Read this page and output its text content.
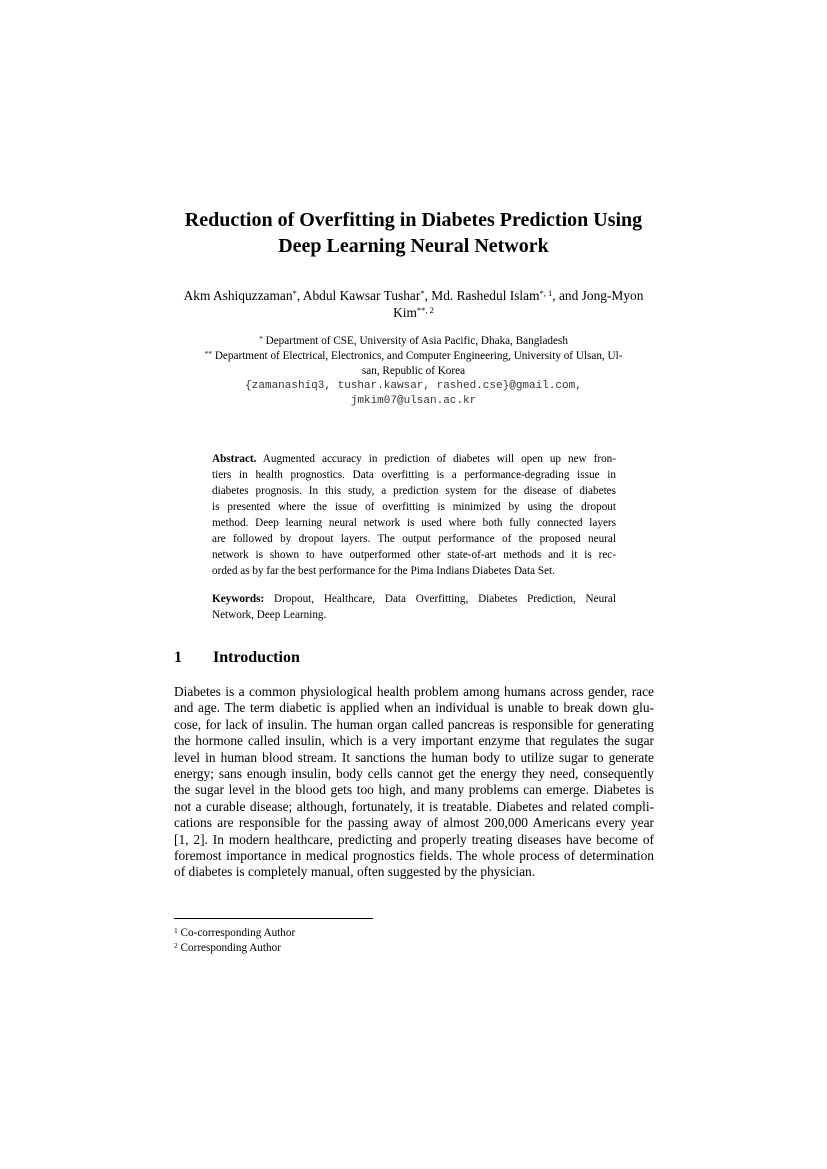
Reduction of Overfitting in Diabetes Prediction Using
Deep Learning Neural Network
Akm Ashiquzzaman*, Abdul Kawsar Tushar*, Md. Rashedul Islam$^{*, 1}$, and Jong-Myon
Kim$^{**, 2}$
* Department of CSE, University of Asia Pacific, Dhaka, Bangladesh
** Department of Electrical, Electronics, and Computer Engineering, University of Ulsan, Ul-
san, Republic of Korea
{zamanashiq3, tushar.kawsar, rashed.cse}@gmail.com,
jmkim07@ulsan.ac.kr
Abstract. Augmented accuracy in prediction of diabetes will open up new fron-
tiers in health prognostics. Data overfitting is a performance-degrading issue in
diabetes prognosis. In this study, a prediction system for the disease of diabetes
is presented where the issue of overfitting is minimized by using the dropout
method. Deep learning neural network is used where both fully connected layers
are followed by dropout layers. The output performance of the proposed neural
network is shown to have outperformed other state-of-art methods and it is rec-
orded as by far the best performance for the Pima Indians Diabetes Data Set.
Keywords: Dropout, Healthcare, Data Overfitting, Diabetes Prediction, Neural
Network, Deep Learning.
1 Introduction
Diabetes is a common physiological health problem among humans across gender, race
and age. The term diabetic is applied when an individual is unable to break down glu-
cose, for lack of insulin. The human organ called pancreas is responsible for generating
the hormone called insulin, which is a very important enzyme that regulates the sugar
level in human blood stream. It sanctions the human body to utilize sugar to generate
energy; sans enough insulin, body cells cannot get the energy they need, consequently
the sugar level in the blood gets too high, and many problems can emerge. Diabetes is
not a curable disease; although, fortunately, it is treatable. Diabetes and related compli-
cations are responsible for the passing away of almost 200,000 Americans every year
[1, 2]. In modern healthcare, predicting and properly treating diseases have become of
foremost importance in medical prognostics fields. The whole process of determination
of diabetes is completely manual, often suggested by the physician.
$^1$ Co-corresponding Author
$^2$ Corresponding Author
